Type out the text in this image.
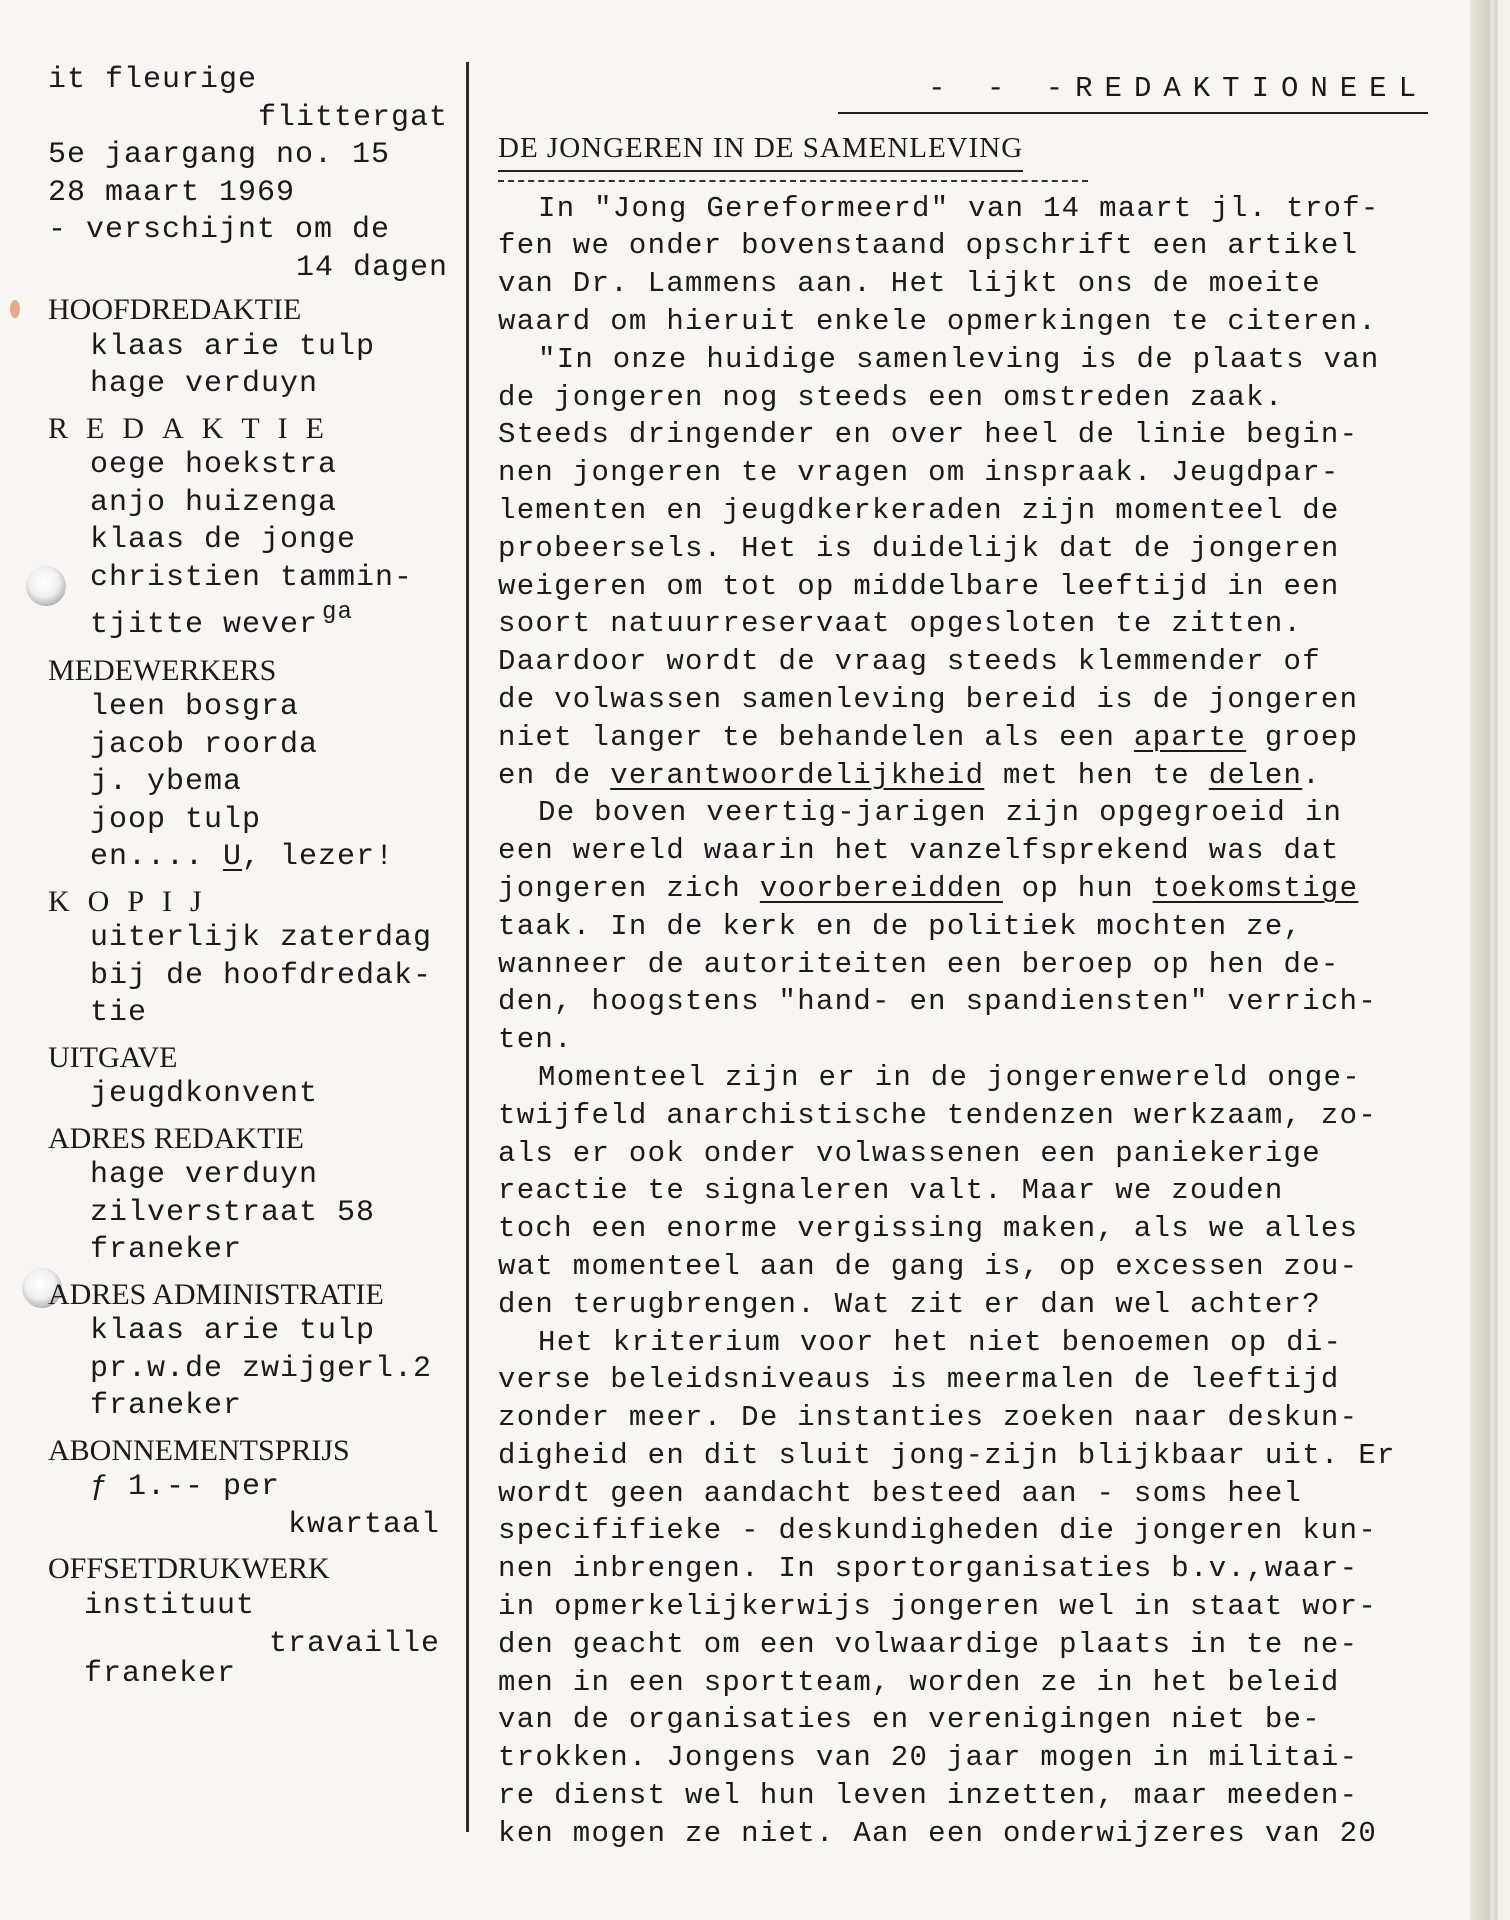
it fleurige
flittergat
5e jaargang no. 15
28 maart 1969
- verschijnt om de
14 dagen
HOOFDREDAKTIE
klaas arie tulp
hage verduyn
REDAKTIE
oege hoekstra
anjo huizenga
klaas de jonge
christien tammin-
tjitte wever $^{ga}$
MEDEWERKERS
leen bosgra
jacob roorda
j. ybema
joop tulp
en.... U, lezer!
KOPIJ
uiterlijk zaterdag
bij de hoofdredak-
tie
UITGAVE
jeugdkonvent
ADRES REDAKTIE
hage verduyn
zilverstraat 58
franeker
ADRES ADMINISTRATIE
klaas arie tulp
pr.w.de zwijgerl.2
franeker
ABONNEMENTSPRIJS
ƒ 1.-- per
kwartaal
OFFSETDRUKWERK
instituut
travaille
franeker
- - -REDAKTIONEEL
DE JONGEREN IN DE SAMENLEVING
In "Jong Gereformeerd" van 14 maart jl. trof-
fen we onder bovenstaand opschrift een artikel
van Dr. Lammens aan. Het lijkt ons de moeite
waard om hieruit enkele opmerkingen te citeren.
"In onze huidige samenleving is de plaats van
de jongeren nog steeds een omstreden zaak.
Steeds dringender en over heel de linie begin-
nen jongeren te vragen om inspraak. Jeugdpar-
lementen en jeugdkerkeraden zijn momenteel de
probeersels. Het is duidelijk dat de jongeren
weigeren om tot op middelbare leeftijd in een
soort natuurreservaat opgesloten te zitten.
Daardoor wordt de vraag steeds klemmender of
de volwassen samenleving bereid is de jongeren
niet langer te behandelen als een aparte groep
en de verantwoordelijkheid met hen te delen.
De boven veertig-jarigen zijn opgegroeid in
een wereld waarin het vanzelfsprekend was dat
jongeren zich voorbereidden op hun toekomstige
taak. In de kerk en de politiek mochten ze,
wanneer de autoriteiten een beroep op hen de-
den, hoogstens "hand- en spandiensten" verrich-
ten.
Momenteel zijn er in de jongerenwereld onge-
twijfeld anarchistische tendenzen werkzaam, zo-
als er ook onder volwassenen een paniekerige
reactie te signaleren valt. Maar we zouden
toch een enorme vergissing maken, als we alles
wat momenteel aan de gang is, op excessen zou-
den terugbrengen. Wat zit er dan wel achter?
Het kriterium voor het niet benoemen op di-
verse beleidsniveaus is meermalen de leeftijd
zonder meer. De instanties zoeken naar deskun-
digheid en dit sluit jong-zijn blijkbaar uit. Er
wordt geen aandacht besteed aan - soms heel
specififieke - deskundigheden die jongeren kun-
nen inbrengen. In sportorganisaties b.v.,waar-
in opmerkelijkerwijs jongeren wel in staat wor-
den geacht om een volwaardige plaats in te ne-
men in een sportteam, worden ze in het beleid
van de organisaties en verenigingen niet be-
trokken. Jongens van 20 jaar mogen in militai-
re dienst wel hun leven inzetten, maar meeden-
ken mogen ze niet. Aan een onderwijzeres van 20
